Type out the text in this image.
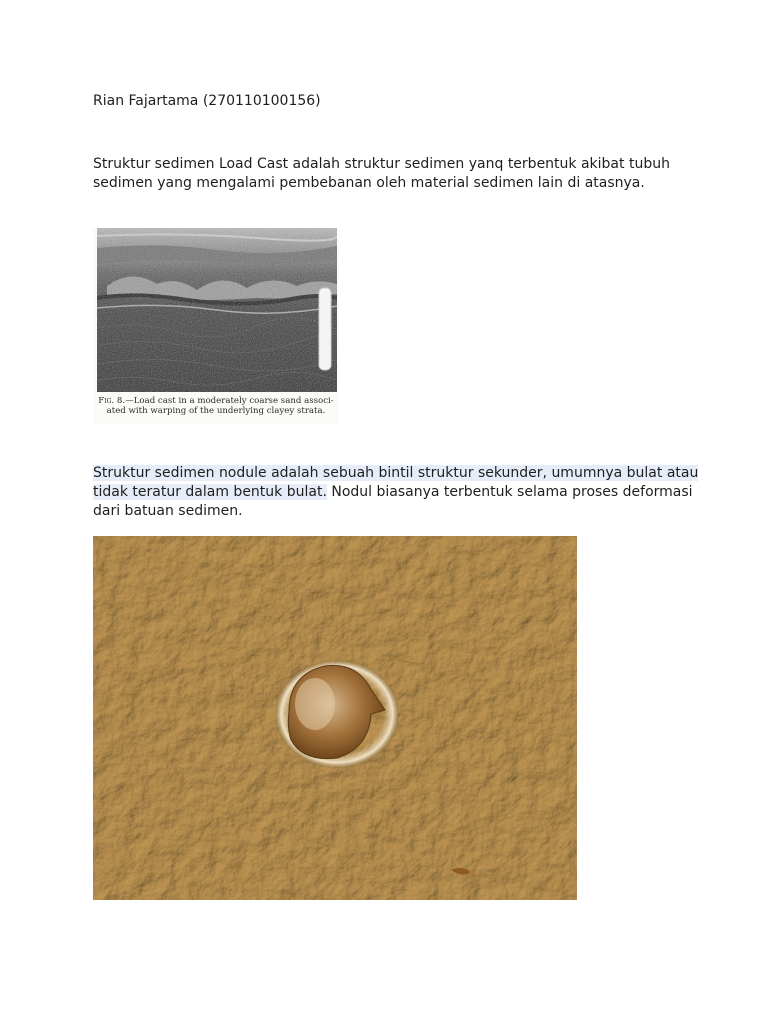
Rian Fajartama (270110100156)

Struktur sedimen Load Cast adalah struktur sedimen yanq terbentuk akibat tubuh sedimen yang mengalami pembebanan oleh material sedimen lain di atasnya.

Fig. 8.—Load cast in a moderately coarse sand associ- ated with warping of the underlying clayey strata.

Struktur sedimen nodule adalah sebuah bintil struktur sekunder, umumnya bulat atau tidak teratur dalam bentuk bulat. Nodul biasanya terbentuk selama proses deformasi dari batuan sedimen.
